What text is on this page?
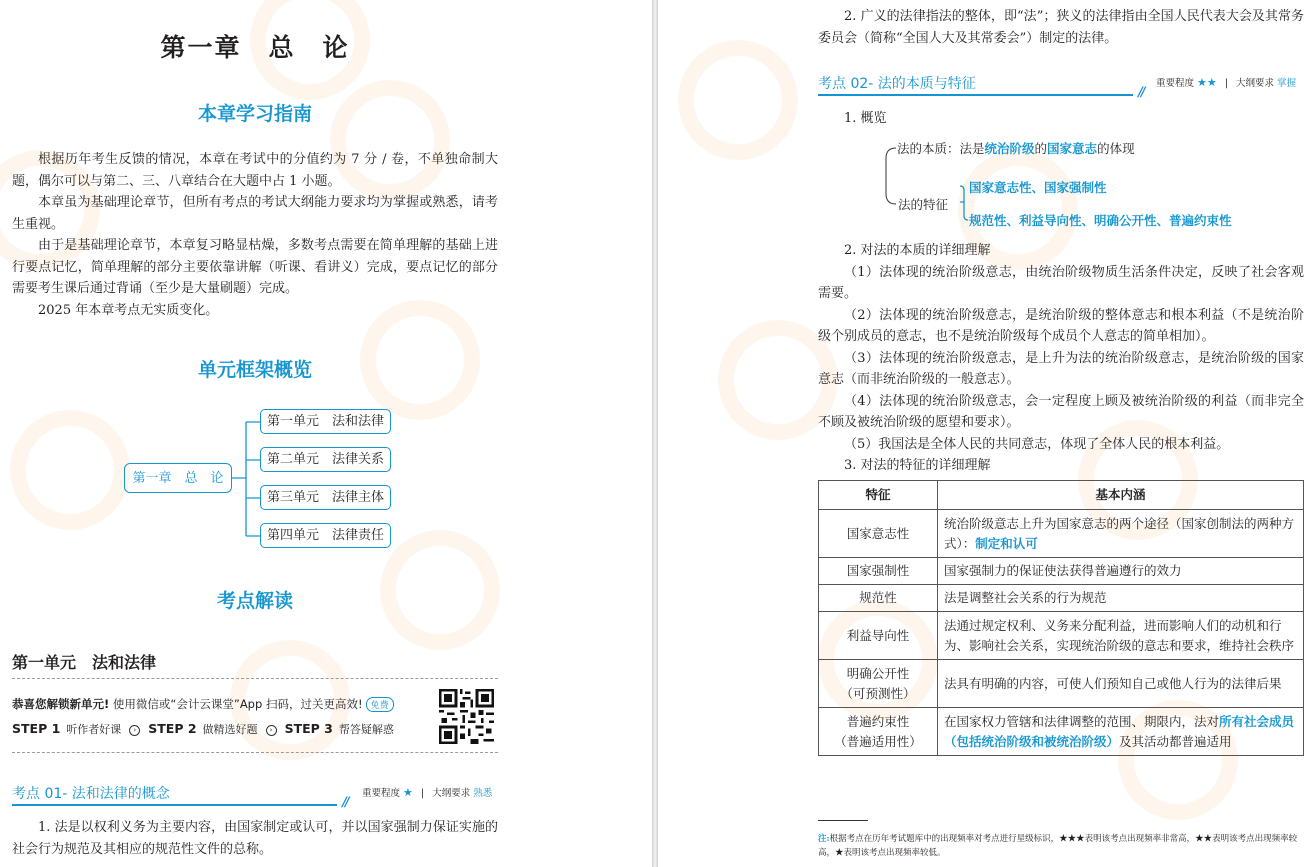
第一章　总　论
本章学习指南

根据历年考生反馈的情况，本章在考试中的分值约为 7 分 / 卷，不单独命制大题，偶尔可以与第二、三、八章结合在大题中占 1 小题。

本章虽为基础理论章节，但所有考点的考试大纲能力要求均为掌握或熟悉，请考生重视。

由于是基础理论章节，本章复习略显枯燥，多数考点需要在简单理解的基础上进行要点记忆，简单理解的部分主要依靠讲解（听课、看讲义）完成，要点记忆的部分需要考生课后通过背诵（至少是大量刷题）完成。

2025 年本章考点无实质变化。

单元框架概览
第一章　总　论
第一单元　法和法律
第二单元　法律关系
第三单元　法律主体
第四单元　法律责任
考点解读
第一单元　法和法律
恭喜您解锁新单元! 使用微信或“会计云课堂”App 扫码，过关更高效! 免费
STEP 1 听作者好课 › STEP 2 做精选好题 › STEP 3 帮答疑解惑
考点 01- 法和法律的概念
//
重要程度 ★ | 大纲要求 熟悉

1. 法是以权利义务为主要内容，由国家制定或认可，并以国家强制力保证实施的社会行为规范及其相应的规范性文件的总称。

2. 广义的法律指法的整体，即“法”；狭义的法律指由全国人民代表大会及其常务委员会（简称“全国人大及其常委会”）制定的法律。

考点 02- 法的本质与特征
//
重要程度 ★★ | 大纲要求 掌握

1. 概览

法的本质：法是统治阶级的国家意志的体现
法的特征
国家意志性、国家强制性
规范性、利益导向性、明确公开性、普遍约束性

2. 对法的本质的详细理解

（1）法体现的统治阶级意志，由统治阶级物质生活条件决定，反映了社会客观需要。

（2）法体现的统治阶级意志，是统治阶级的整体意志和根本利益（不是统治阶级个别成员的意志，也不是统治阶级每个成员个人意志的简单相加）。

（3）法体现的统治阶级意志，是上升为法的统治阶级意志，是统治阶级的国家意志（而非统治阶级的一般意志）。

（4）法体现的统治阶级意志，会一定程度上顾及被统治阶级的利益（而非完全不顾及被统治阶级的愿望和要求）。

（5）我国法是全体人民的共同意志，体现了全体人民的根本利益。

3. 对法的特征的详细理解

特征	基本内涵
国家意志性	统治阶级意志上升为国家意志的两个途径（国家创制法的两种方式）：制定和认可
国家强制性	国家强制力的保证使法获得普遍遵行的效力
规范性	法是调整社会关系的行为规范
利益导向性	法通过规定权利、义务来分配利益，进而影响人们的动机和行为、影响社会关系，实现统治阶级的意志和要求，维持社会秩序
明确公开性
（可预测性）	法具有明确的内容，可使人们预知自己或他人行为的法律后果
普遍约束性
（普遍适用性）	在国家权力管辖和法律调整的范围、期限内，法对所有社会成员（包括统治阶级和被统治阶级）及其活动都普遍适用
注:根据考点在历年考试题库中的出现频率对考点进行星级标识，★★★表明该考点出现频率非常高，★★表明该考点出现频率较高，★表明该考点出现频率较低。
